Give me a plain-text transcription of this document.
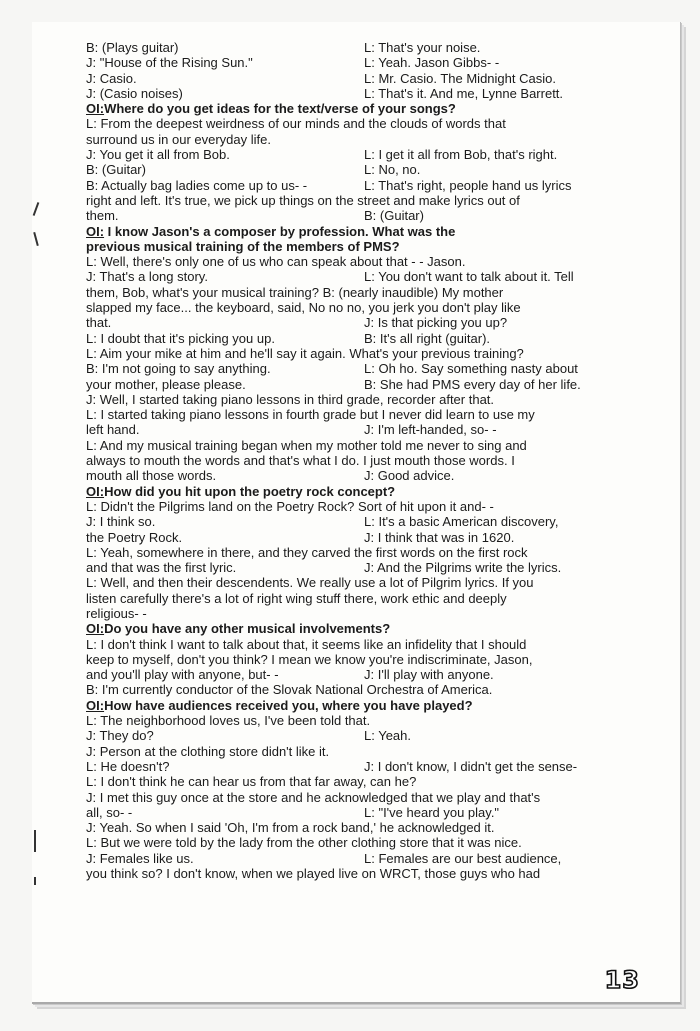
B: (Plays guitar)	L: That's your noise.
J: "House of the Rising Sun."	L: Yeah. Jason Gibbs- -
J: Casio.	L: Mr. Casio. The Midnight Casio.
J: (Casio noises)	L: That's it. And me, Lynne Barrett.
OI:Where do you get ideas for the text/verse of your songs?
L: From the deepest weirdness of our minds and the clouds of words that
surround us in our everyday life.
J: You get it all from Bob.	L: I get it all from Bob, that's right.
B: (Guitar)	L: No, no.
B: Actually bag ladies come up to us- -	L: That's right, people hand us lyrics
right and left. It's true, we pick up things on the street and make lyrics out of
them.	B: (Guitar)
OI: I know Jason's a composer by profession. What was the
previous musical training of the members of PMS?
L: Well, there's only one of us who can speak about that - - Jason.
J: That's a long story.	L: You don't want to talk about it. Tell
them, Bob, what's your musical training? B: (nearly inaudible) My mother
slapped my face... the keyboard, said, No no no, you jerk you don't play like
that.	J: Is that picking you up?
L: I doubt that it's picking you up.	B: It's all right (guitar).
L: Aim your mike at him and he'll say it again. What's your previous training?
B: I'm not going to say anything.	L: Oh ho. Say something nasty about
your mother, please please.	B: She had PMS every day of her life.
J: Well, I started taking piano lessons in third grade, recorder after that.
L: I started taking piano lessons in fourth grade but I never did learn to use my
left hand.	J: I'm left-handed, so- -
L: And my musical training began when my mother told me never to sing and
always to mouth the words and that's what I do. I just mouth those words. I
mouth all those words.	J: Good advice.
OI:How did you hit upon the poetry rock concept?
L: Didn't the Pilgrims land on the Poetry Rock? Sort of hit upon it and- -
J: I think so.	L: It's a basic American discovery,
the Poetry Rock.	J: I think that was in 1620.
L: Yeah, somewhere in there, and they carved the first words on the first rock
and that was the first lyric.	J: And the Pilgrims write the lyrics.
L: Well, and then their descendents. We really use a lot of Pilgrim lyrics. If you
listen carefully there's a lot of right wing stuff there, work ethic and deeply
religious- -
OI:Do you have any other musical involvements?
L: I don't think I want to talk about that, it seems like an infidelity that I should
keep to myself, don't you think? I mean we know you're indiscriminate, Jason,
and you'll play with anyone, but- -	J: I'll play with anyone.
B: I'm currently conductor of the Slovak National Orchestra of America.
OI:How have audiences received you, where you have played?
L: The neighborhood loves us, I've been told that.
J: They do?	L: Yeah.
J: Person at the clothing store didn't like it.
L: He doesn't?	J: I don't know, I didn't get the sense-
L: I don't think he can hear us from that far away, can he?
J: I met this guy once at the store and he acknowledged that we play and that's
all, so- -	L: "I've heard you play."
J: Yeah. So when I said 'Oh, I'm from a rock band,' he acknowledged it.
L: But we were told by the lady from the other clothing store that it was nice.
J: Females like us.	L: Females are our best audience,
you think so? I don't know, when we played live on WRCT, those guys who had
13
